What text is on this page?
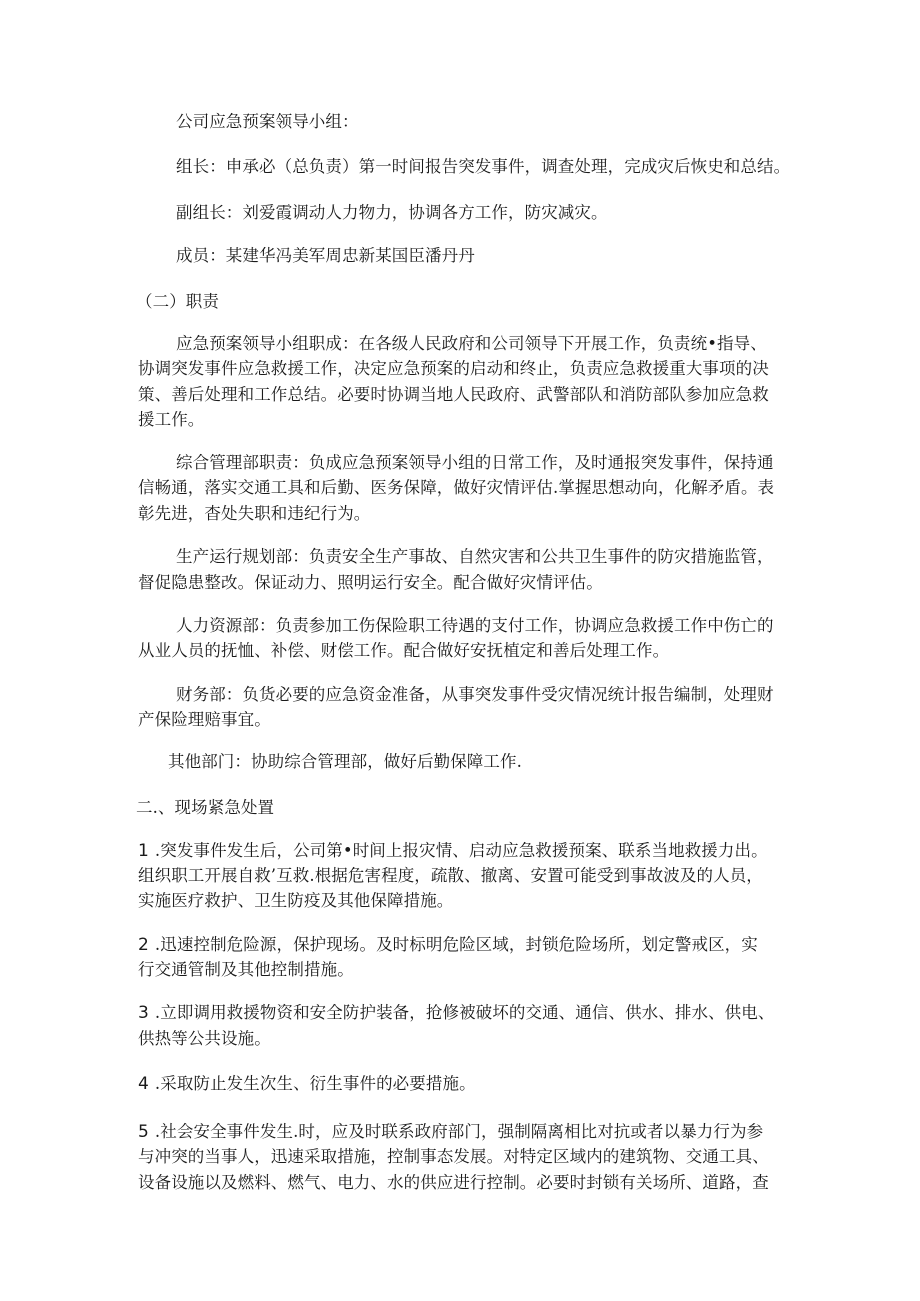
公司应急预案领导小组：
组长：申承必（总负责）第一时间报告突发事件，调查处理，完成灾后恢史和总结。
副组长：刘爱霞调动人力物力，协调各方工作，防灾减灾。
成员：某建华冯美军周忠新某国臣潘丹丹
（二）职责
应急预案领导小组职成：在各级人民政府和公司领导下开展工作，负责统•指导、
协调突发事件应急救援工作，决定应急预案的启动和终止，负责应急救援重大事项的决
策、善后处理和工作总结。必要时协调当地人民政府、武警部队和消防部队参加应急救
援工作。
综合管理部职责：负成应急预案领导小组的日常工作，及时通报突发事件，保持通
信畅通，落实交通工具和后勤、医务保障，做好灾情评估.掌握思想动向，化解矛盾。表
彰先进，杳处失职和违纪行为。
生产运行规划部：负责安全生产事故、自然灾害和公共卫生事件的防灾措施监管，
督促隐患整改。保证动力、照明运行安全。配合做好灾情评估。
人力资源部：负责参加工伤保险职工待遇的支付工作，协调应急救援工作中伤亡的
从业人员的抚恤、补偿、财偿工作。配合做好安抚植定和善后处理工作。
财务部：负货必要的应急资金准备，从事突发事件受灾情况统计报告编制，处理财
产保险理赔事宜。
其他部门：协助综合管理部，做好后勤保障工作.
二.、现场紧急处置
1 .突发事件发生后，公司第•时间上报灾情、启动应急救援预案、联系当地救援力出。
组织职工开展自救’互救.根据危害程度，疏散、撤离、安置可能受到事故波及的人员，
实施医疗救护、卫生防疫及其他保障措施。
2 .迅速控制危险源，保护现场。及时标明危险区域，封锁危险场所，划定警戒区，实
行交通管制及其他控制措施。
3 .立即调用救援物资和安全防护装备，抢修被破坏的交通、通信、供水、排水、供电、
供热等公共设施。
4 .采取防止发生次生、衍生事件的必要措施。
5 .社会安全事件发生.时，应及时联系政府部门，强制隔离相比对抗或者以暴力行为参
与冲突的当事人，迅速采取措施，控制事态发展。对特定区域内的建筑物、交通工具、
设备设施以及燃料、燃气、电力、水的供应进行控制。必要时封锁有关场所、道路，查
